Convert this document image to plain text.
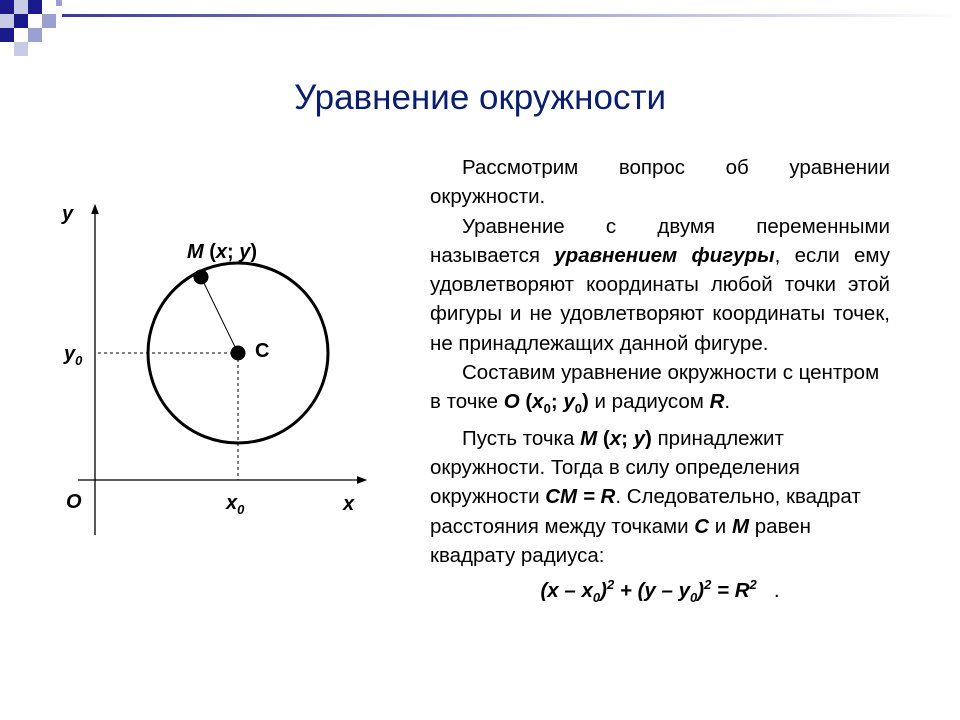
Уравнение окружности
y
x
O
C
M (x; y)
$y_0$
$x_0$

Рассмотрим вопрос об уравнении окружности.

Уравнение с двумя переменными называется уравнением фигуры, если ему удовлетворяют координаты любой точки этой фигуры и не удовлетворяют координаты точек, не принадлежащих данной фигуре.

Составим уравнение окружности с центром в точке O ($x_0$; $y_0$) и радиусом R.

Пусть точка M (x; y) принадлежит окружности. Тогда в силу определения окружности CM = R. Следовательно, квадрат расстояния между точками C и M равен квадрату радиуса:

$(x - x_0)^2 + (y - y_0)^2 = R^2$ .
